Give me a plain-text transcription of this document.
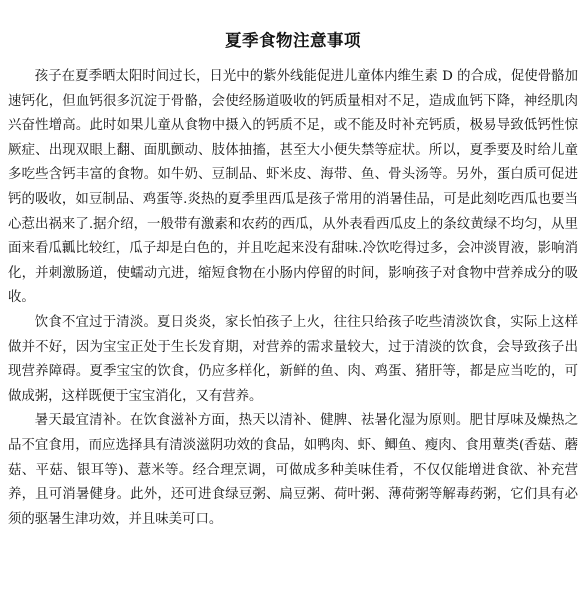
夏季食物注意事项

孩子在夏季晒太阳时间过长，日光中的紫外线能促进儿童体内维生素 D 的合成，促使骨骼加速钙化，但血钙很多沉淀于骨骼，会使经肠道吸收的钙质量相对不足，造成血钙下降，神经肌肉兴奋性增高。此时如果儿童从食物中摄入的钙质不足，或不能及时补充钙质，极易导致低钙性惊厥症、出现双眼上翻、面肌颤动、肢体抽搐，甚至大小便失禁等症状。所以，夏季要及时给儿童多吃些含钙丰富的食物。如牛奶、豆制品、虾米皮、海带、鱼、骨头汤等。另外，蛋白质可促进钙的吸收，如豆制品、鸡蛋等.炎热的夏季里西瓜是孩子常用的消暑佳品，可是此刻吃西瓜也要当心惹出祸来了.据介绍，一般带有激素和农药的西瓜，从外表看西瓜皮上的条纹黄绿不均匀，从里面来看瓜瓤比较红，瓜子却是白色的，并且吃起来没有甜味.冷饮吃得过多，会冲淡胃液，影响消化，并刺激肠道，使蠕动亢进，缩短食物在小肠内停留的时间，影响孩子对食物中营养成分的吸收。

饮食不宜过于清淡。夏日炎炎，家长怕孩子上火，往往只给孩子吃些清淡饮食，实际上这样做并不好，因为宝宝正处于生长发育期，对营养的需求量较大，过于清淡的饮食，会导致孩子出现营养障碍。夏季宝宝的饮食，仍应多样化，新鲜的鱼、肉、鸡蛋、猪肝等，都是应当吃的，可做成粥，这样既便于宝宝消化，又有营养。

暑天最宜清补。在饮食滋补方面，热天以清补、健脾、祛暑化湿为原则。肥甘厚味及燥热之品不宜食用，而应选择具有清淡滋阴功效的食品，如鸭肉、虾、鲫鱼、瘦肉、食用蕈类(香菇、蘑菇、平菇、银耳等)、薏米等。经合理烹调，可做成多种美味佳肴，不仅仅能增进食欲、补充营养，且可消暑健身。此外，还可进食绿豆粥、扁豆粥、荷叶粥、薄荷粥等解毒药粥，它们具有必须的驱暑生津功效，并且味美可口。
